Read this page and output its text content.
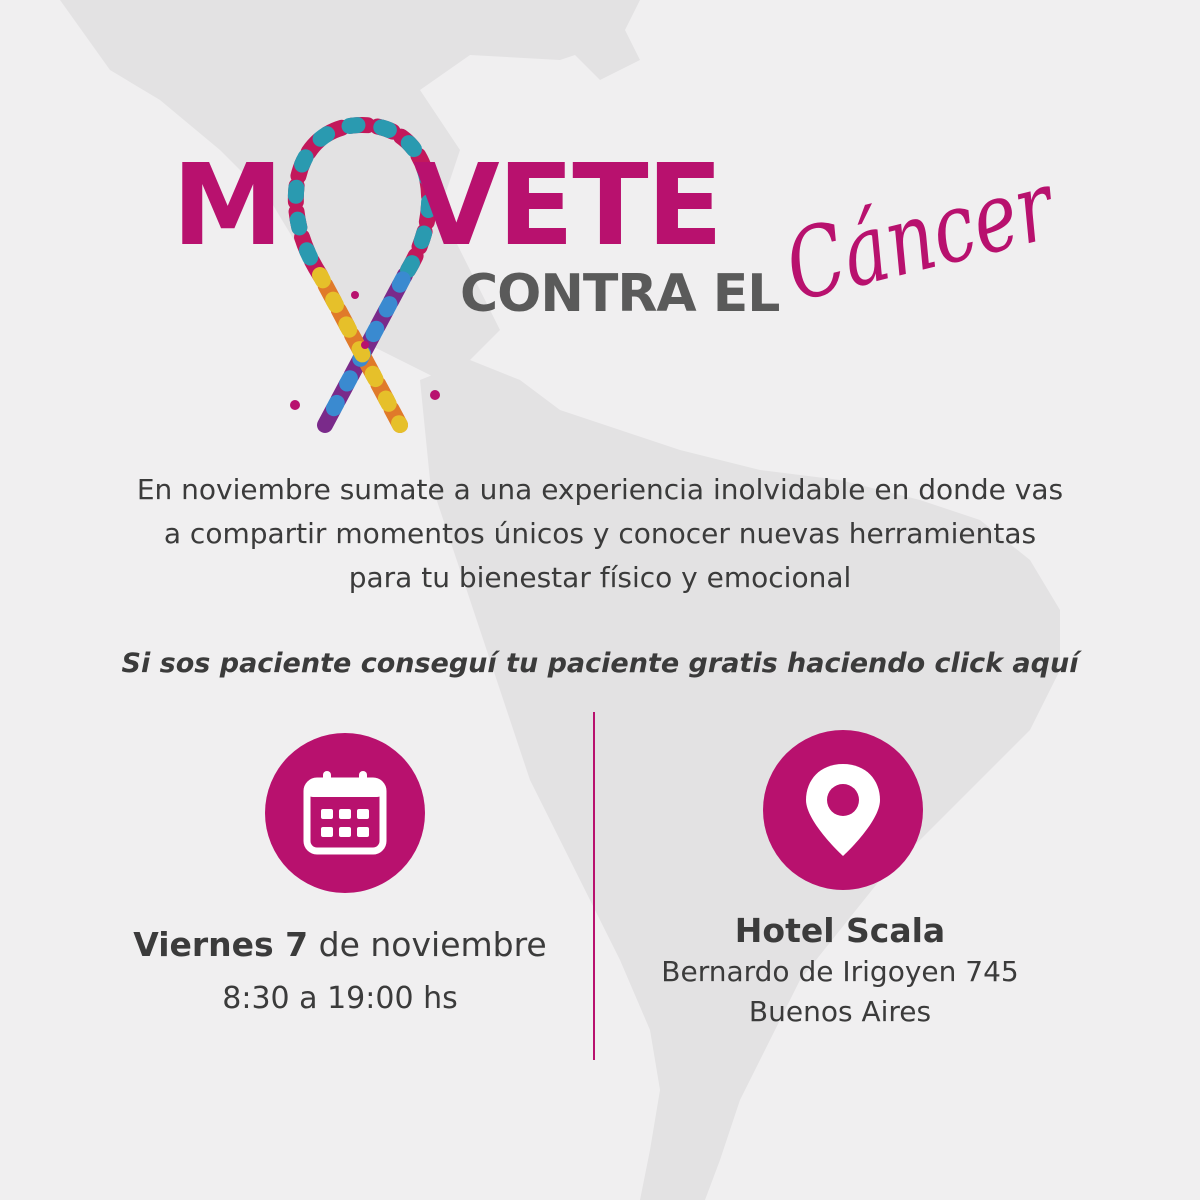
M VETE
CONTRA EL
Cáncer

En noviembre sumate a una experiencia inolvidable en donde vas
a compartir momentos únicos y conocer nuevas herramientas
para tu bienestar físico y emocional

Si sos paciente conseguí tu paciente gratis haciendo click aquí

Viernes 7 de noviembre
8:30 a 19:00 hs
Hotel Scala
Bernardo de Irigoyen 745
Buenos Aires
